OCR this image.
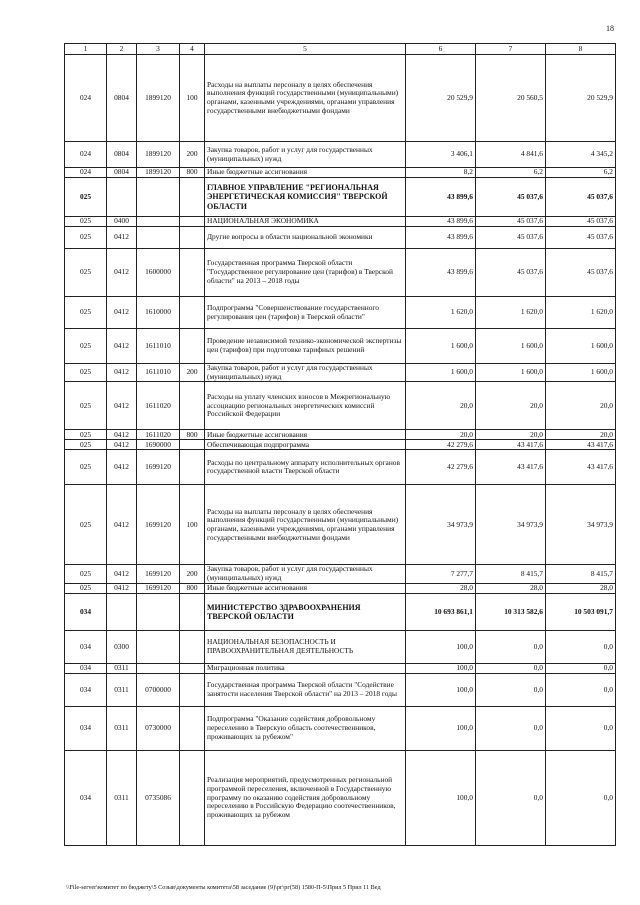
18
1	2	3	4	5	6	7	8
024	0804	1899120	100	Расходы на выплаты персоналу в целях обеспечения выполнения функций государственными (муниципальными) органами, казенными учреждениями, органами управления государственными внебюджетными фондами	20 529,9	20 560,5	20 529,9
024	0804	1899120	200	Закупка товаров, работ и услуг для государственных (муниципальных) нужд	3 406,1	4 841,6	4 345,2
024	0804	1899120	800	Иные бюджетные ассигнования	8,2	6,2	6,2
025				ГЛАВНОЕ УПРАВЛЕНИЕ "РЕГИОНАЛЬНАЯ ЭНЕРГЕТИЧЕСКАЯ КОМИССИЯ" ТВЕРСКОЙ ОБЛАСТИ	43 899,6	45 037,6	45 037,6
025	0400			НАЦИОНАЛЬНАЯ ЭКОНОМИКА	43 899,6	45 037,6	45 037,6
025	0412			Другие вопросы в области национальной экономики	43 899,6	45 037,6	45 037,6
025	0412	1600000		Государственная программа Тверской области "Государственное регулирование цен (тарифов) в Тверской области" на 2013 – 2018 годы	43 899,6	45 037,6	45 037,6
025	0412	1610000		Подпрограмма "Совершенствование государственного регулирования цен (тарифов) в Тверской области"	1 620,0	1 620,0	1 620,0
025	0412	1611010		Проведение независимой технико-экономической экспертизы цен (тарифов) при подготовке тарифных решений	1 600,0	1 600,0	1 600,0
025	0412	1611010	200	Закупка товаров, работ и услуг для государственных (муниципальных) нужд	1 600,0	1 600,0	1 600,0
025	0412	1611020		Расходы на уплату членских взносов в Межрегиональную ассоциацию региональных энергетических комиссий Российской Федерации	20,0	20,0	20,0
025	0412	1611020	800	Иные бюджетные ассигнования	20,0	20,0	20,0
025	0412	1690000		Обеспечивающая подпрограмма	42 279,6	43 417,6	43 417,6
025	0412	1699120		Расходы по центральному аппарату исполнительных органов государственной власти Тверской области	42 279,6	43 417,6	43 417,6
025	0412	1699120	100	Расходы на выплаты персоналу в целях обеспечения выполнения функций государственными (муниципальными) органами, казенными учреждениями, органами управления государственными внебюджетными фондами	34 973,9	34 973,9	34 973,9
025	0412	1699120	200	Закупка товаров, работ и услуг для государственных (муниципальных) нужд	7 277,7	8 415,7	8 415,7
025	0412	1699120	800	Иные бюджетные ассигнования	28,0	28,0	28,0
034				МИНИСТЕРСТВО ЗДРАВООХРАНЕНИЯ ТВЕРСКОЙ ОБЛАСТИ	10 693 861,1	10 313 582,6	10 503 091,7
034	0300			НАЦИОНАЛЬНАЯ БЕЗОПАСНОСТЬ И ПРАВООХРАНИТЕЛЬНАЯ ДЕЯТЕЛЬНОСТЬ	100,0	0,0	0,0
034	0311			Миграционная политика	100,0	0,0	0,0
034	0311	0700000		Государственная программа Тверской области "Содействие занятости населения Тверской области" на 2013 – 2018 годы	100,0	0,0	0,0
034	0311	0730000		Подпрограмма "Оказание содействия добровольному переселению в Тверскую область соотечественников, проживающих за рубежом"	100,0	0,0	0,0
034	0311	0735086		Реализация мероприятий, предусмотренных региональной программой переселения, включенной в Государственную программу по оказанию содействия добровольному переселению в Российскую Федерацию соотечественников, проживающих за рубежом	100,0	0,0	0,0
\\File-server\комитет по бюджету\5 Созыв\документы комитета\58 заседание (9)\рг\рг(58) 1580-П-5\Прил 5 Прил 11 Вед
